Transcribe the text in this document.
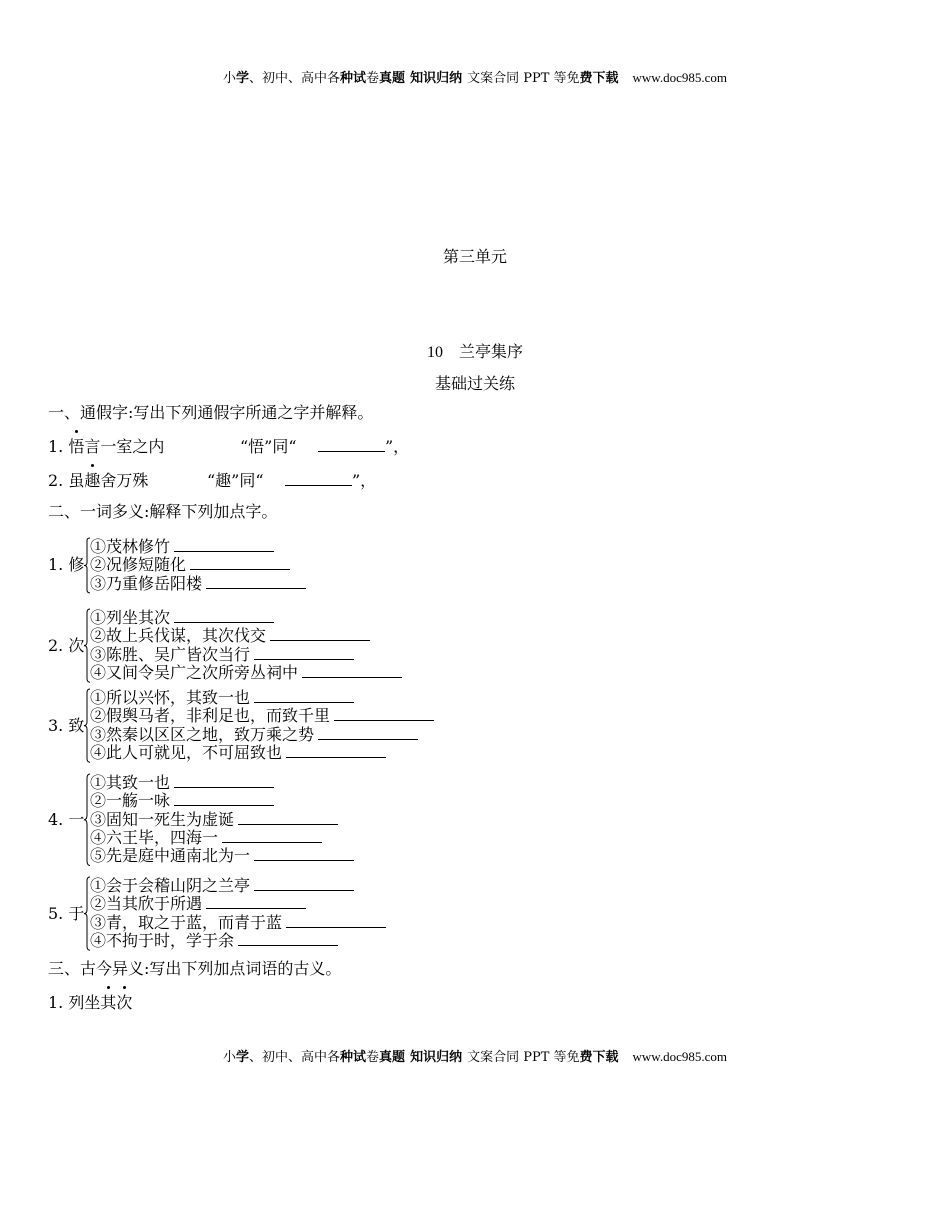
小学、初中、高中各种试卷真题 知识归纳 文案合同 PPT 等免费下载 www.doc985.com
第三单元
10 兰亭集序
基础过关练
一、通假字:写出下列通假字所通之字并解释。
1. 悟言一室之内	“悟”同“	”，
2. 虽趣舍万殊	“趣”同“	”，
二、一词多义:解释下列加点字。
1. 修
①茂林修竹
②况修短随化
③乃重修岳阳楼
2. 次
①列坐其次
②故上兵伐谋，其次伐交
③陈胜、吴广皆次当行
④又间令吴广之次所旁丛祠中
3. 致
①所以兴怀，其致一也
②假舆马者，非利足也，而致千里
③然秦以区区之地，致万乘之势
④此人可就见，不可屈致也
4. 一
①其致一也
②一觞一咏
③固知一死生为虚诞
④六王毕，四海一
⑤先是庭中通南北为一
5. 于
①会于会稽山阴之兰亭
②当其欣于所遇
③青，取之于蓝，而青于蓝
④不拘于时，学于余
三、古今异义:写出下列加点词语的古义。
1. 列坐其次
小学、初中、高中各种试卷真题 知识归纳 文案合同 PPT 等免费下载 www.doc985.com
